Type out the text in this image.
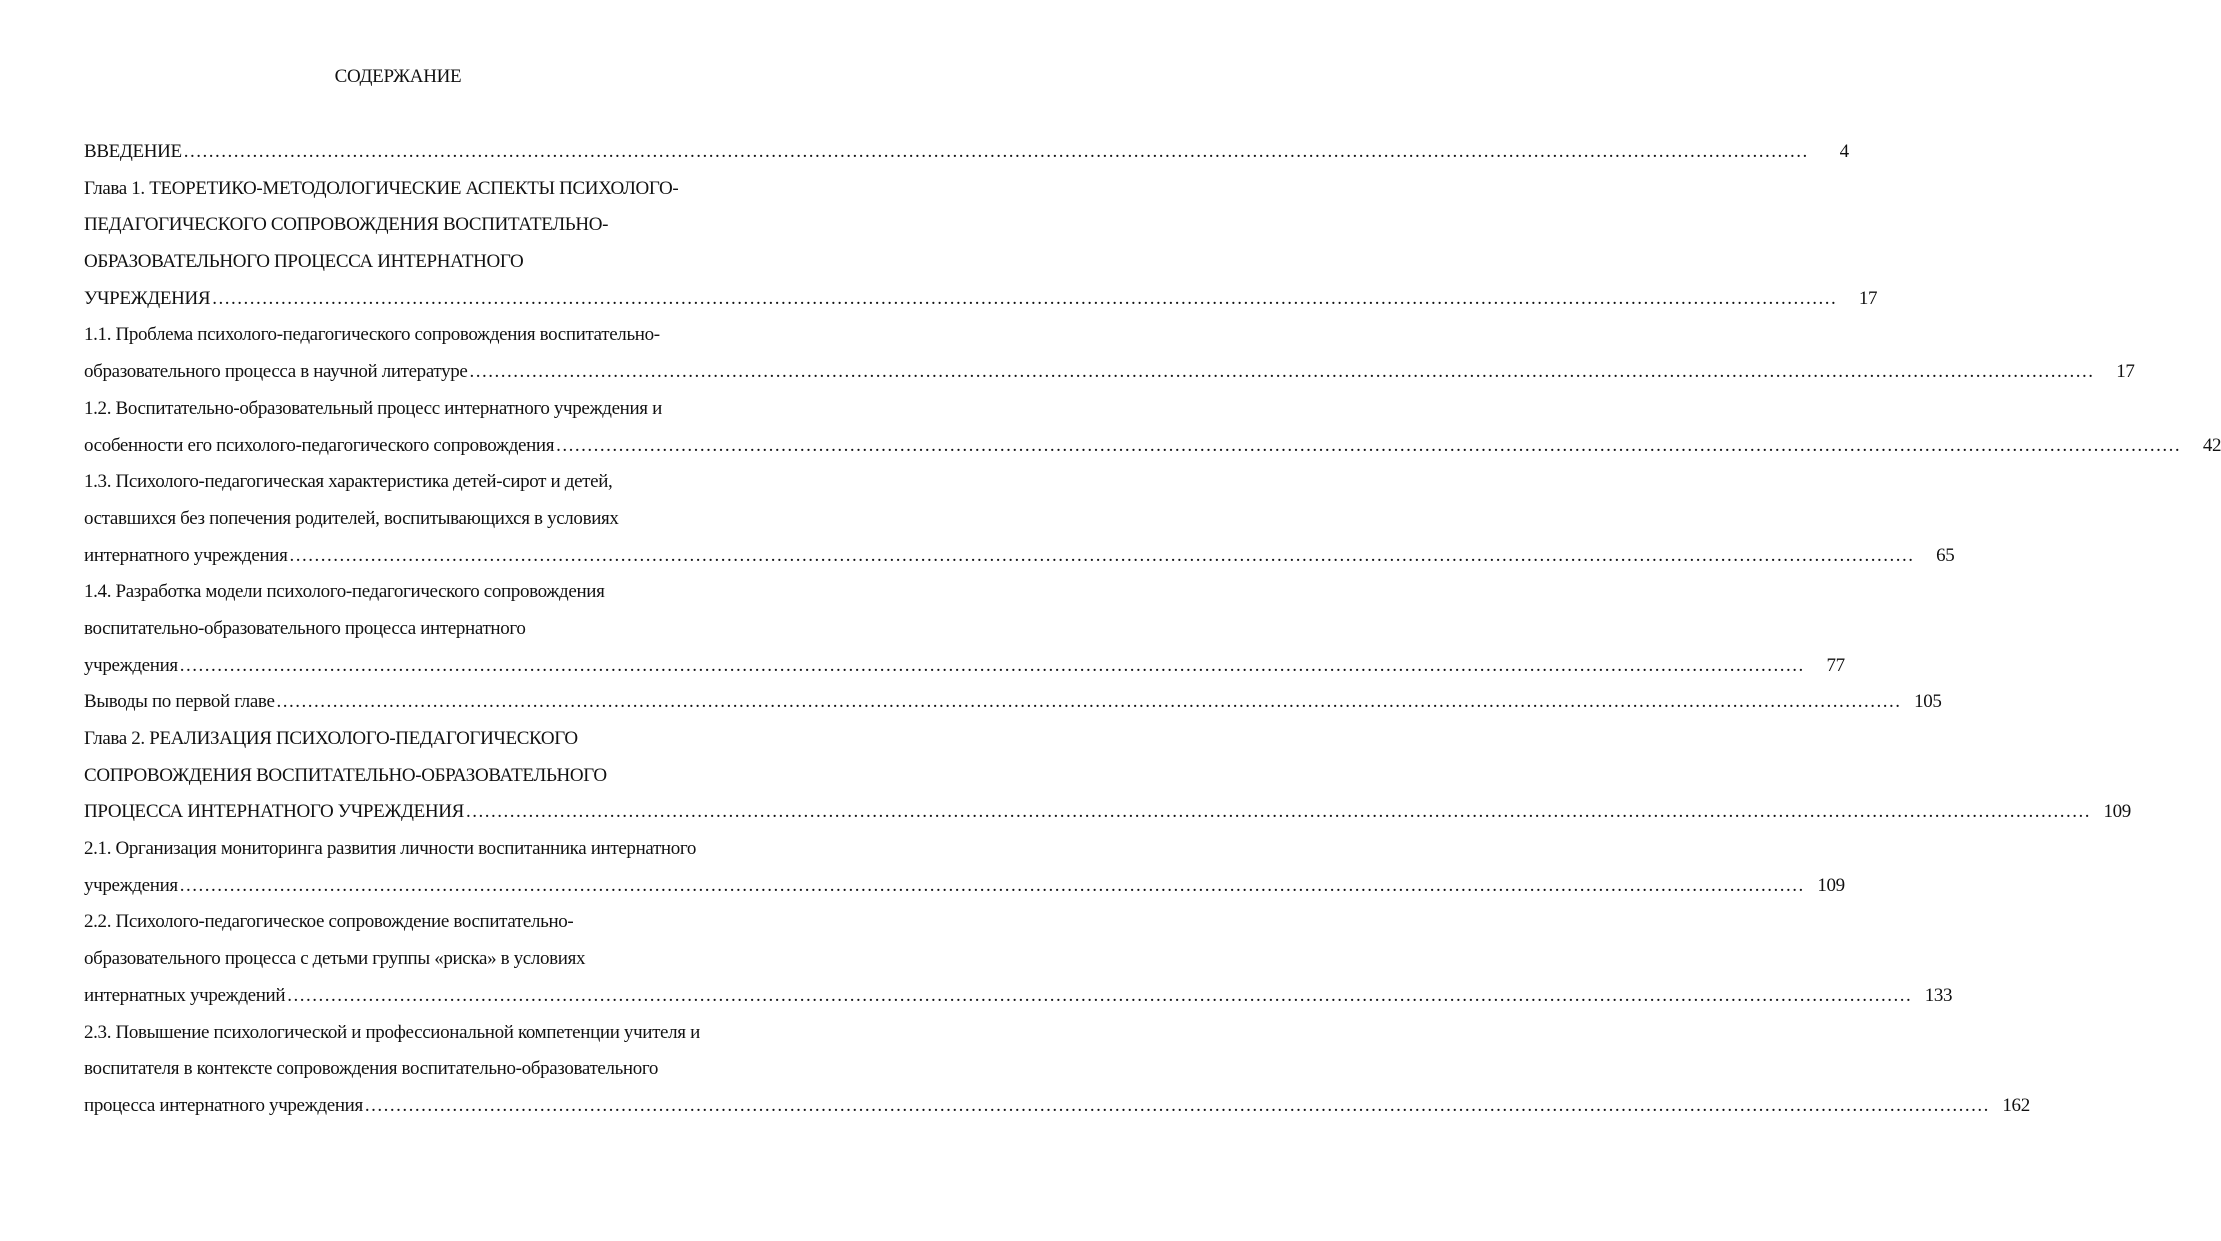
СОДЕРЖАНИЕ
ВВЕДЕНИЕ ....................................................................................................................................................................................................................................................................	4
Глава 1. ТЕОРЕТИКО-МЕТОДОЛОГИЧЕСКИЕ АСПЕКТЫ ПСИХОЛОГО-
ПЕДАГОГИЧЕСКОГО СОПРОВОЖДЕНИЯ ВОСПИТАТЕЛЬНО-
ОБРАЗОВАТЕЛЬНОГО ПРОЦЕССА ИНТЕРНАТНОГО
УЧРЕЖДЕНИЯ ....................................................................................................................................................................................................................................................................	17
1.1. Проблема психолого-педагогического сопровождения воспитательно-
образовательного процесса в научной литературе ....................................................................................................................................................................................................................................................................	17
1.2. Воспитательно-образовательный процесс интернатного учреждения и
особенности его психолого-педагогического сопровождения ....................................................................................................................................................................................................................................................................	42
1.3. Психолого-педагогическая характеристика детей-сирот и детей,
оставшихся без попечения родителей, воспитывающихся в условиях
интернатного учреждения ....................................................................................................................................................................................................................................................................	65
1.4. Разработка модели психолого-педагогического сопровождения
воспитательно-образовательного процесса интернатного
учреждения ....................................................................................................................................................................................................................................................................	77
Выводы по первой главе .................................................................................................................................................................................................................................................................... 105
Глава 2. РЕАЛИЗАЦИЯ ПСИХОЛОГО-ПЕДАГОГИЧЕСКОГО
СОПРОВОЖДЕНИЯ ВОСПИТАТЕЛЬНО-ОБРАЗОВАТЕЛЬНОГО
ПРОЦЕССА ИНТЕРНАТНОГО УЧРЕЖДЕНИЯ .................................................................................................................................................................................................................................................................... 109
2.1. Организация мониторинга развития личности воспитанника интернатного
учреждения .................................................................................................................................................................................................................................................................... 109
2.2. Психолого-педагогическое сопровождение воспитательно-
образовательного процесса с детьми группы «риска» в условиях
интернатных учреждений .................................................................................................................................................................................................................................................................... 133
2.3. Повышение психологической и профессиональной компетенции учителя и
воспитателя в контексте сопровождения воспитательно-образовательного
процесса интернатного учреждения .................................................................................................................................................................................................................................................................... 162
